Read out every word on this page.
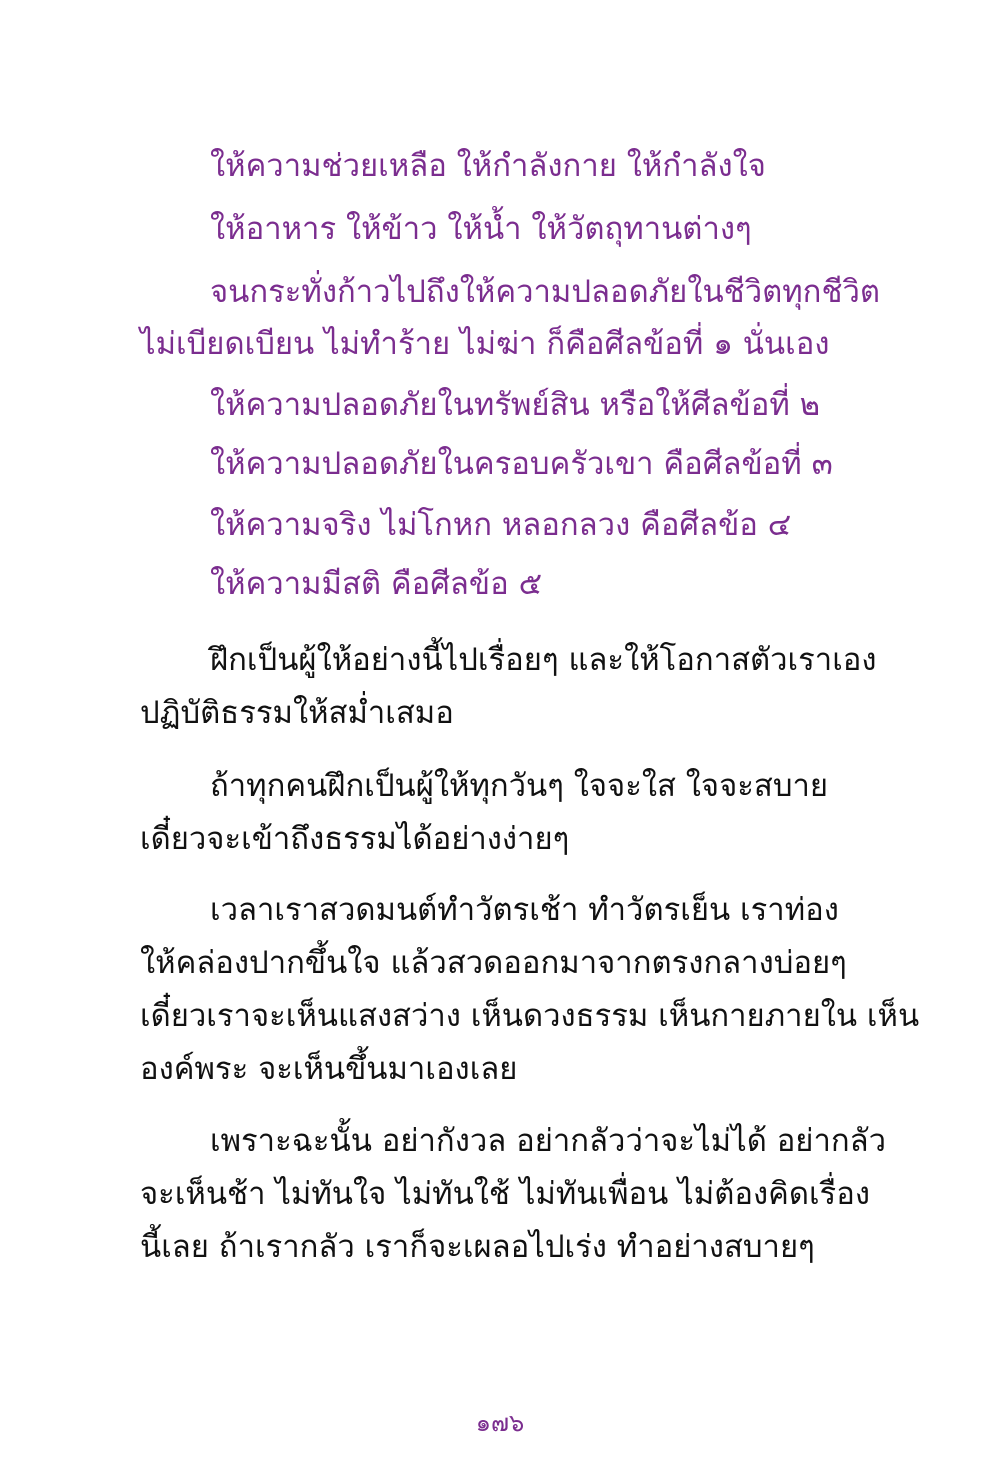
ให้ความช่วยเหลือ ให้กำลังกาย ให้กำลังใจ
ให้อาหาร ให้ข้าว ให้น้ำ ให้วัตถุทานต่างๆ
จนกระทั่งก้าวไปถึงให้ความปลอดภัยในชีวิตทุกชีวิต
ไม่เบียดเบียน ไม่ทำร้าย ไม่ฆ่า ก็คือศีลข้อที่ ๑ นั่นเอง
ให้ความปลอดภัยในทรัพย์สิน หรือให้ศีลข้อที่ ๒
ให้ความปลอดภัยในครอบครัวเขา คือศีลข้อที่ ๓
ให้ความจริง ไม่โกหก หลอกลวง คือศีลข้อ ๔
ให้ความมีสติ คือศีลข้อ ๕
ฝึกเป็นผู้ให้อย่างนี้ไปเรื่อยๆ และให้โอกาสตัวเราเอง
ปฏิบัติธรรมให้สม่ำเสมอ
ถ้าทุกคนฝึกเป็นผู้ให้ทุกวันๆ ใจจะใส ใจจะสบาย
เดี๋ยวจะเข้าถึงธรรมได้อย่างง่ายๆ
เวลาเราสวดมนต์ทำวัตรเช้า ทำวัตรเย็น เราท่อง
ให้คล่องปากขึ้นใจ แล้วสวดออกมาจากตรงกลางบ่อยๆ
เดี๋ยวเราจะเห็นแสงสว่าง เห็นดวงธรรม เห็นกายภายใน เห็น
องค์พระ จะเห็นขึ้นมาเองเลย
เพราะฉะนั้น อย่ากังวล อย่ากลัวว่าจะไม่ได้ อย่ากลัว
จะเห็นช้า ไม่ทันใจ ไม่ทันใช้ ไม่ทันเพื่อน ไม่ต้องคิดเรื่อง
นี้เลย ถ้าเรากลัว เราก็จะเผลอไปเร่ง ทำอย่างสบายๆ
๑๗๖
